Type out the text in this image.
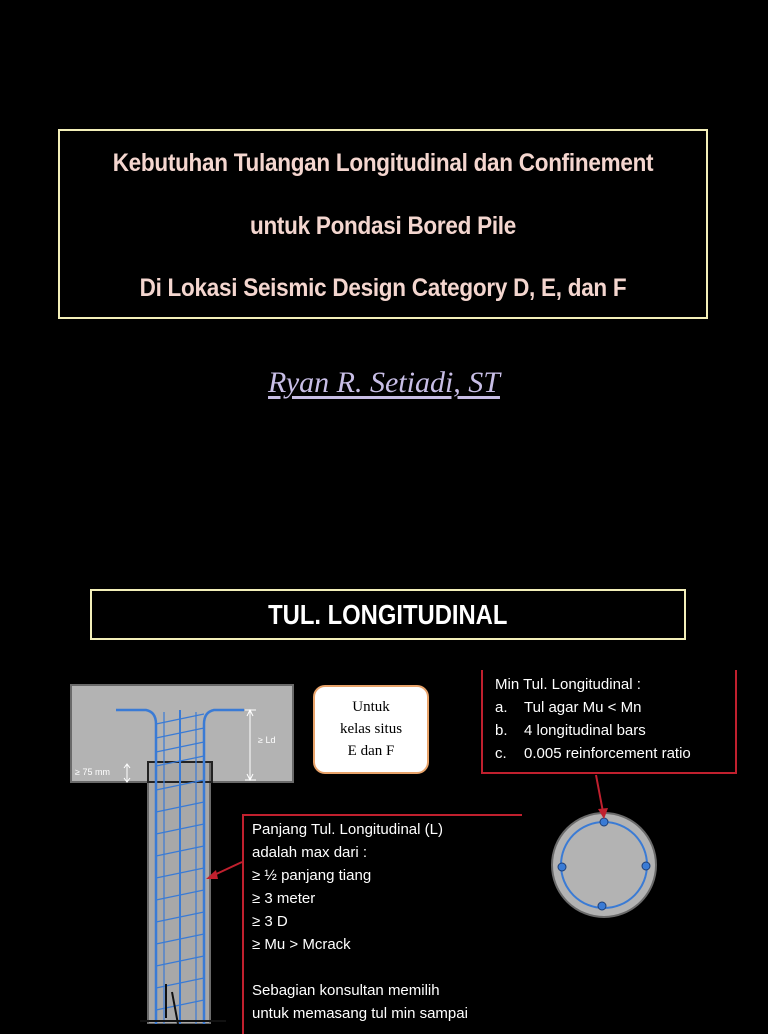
Kebutuhan Tulangan Longitudinal dan Confinement
untuk Pondasi Bored Pile
Di Lokasi Seismic Design Category D, E, dan F
Ryan R. Setiadi, ST
TUL. LONGITUDINAL
≥ Ld
≥ 75 mm
Untuk
kelas situs
E dan F
Min Tul. Longitudinal :
a.	Tul agar Mu < Mn
b.	4 longitudinal bars
c.	0.005 reinforcement ratio
Panjang Tul. Longitudinal (L)
adalah max dari :
≥ ½ panjang tiang
≥ 3 meter
≥ 3 D
≥ Mu > Mcrack
Sebagian konsultan memilih
untuk memasang tul min sampai
